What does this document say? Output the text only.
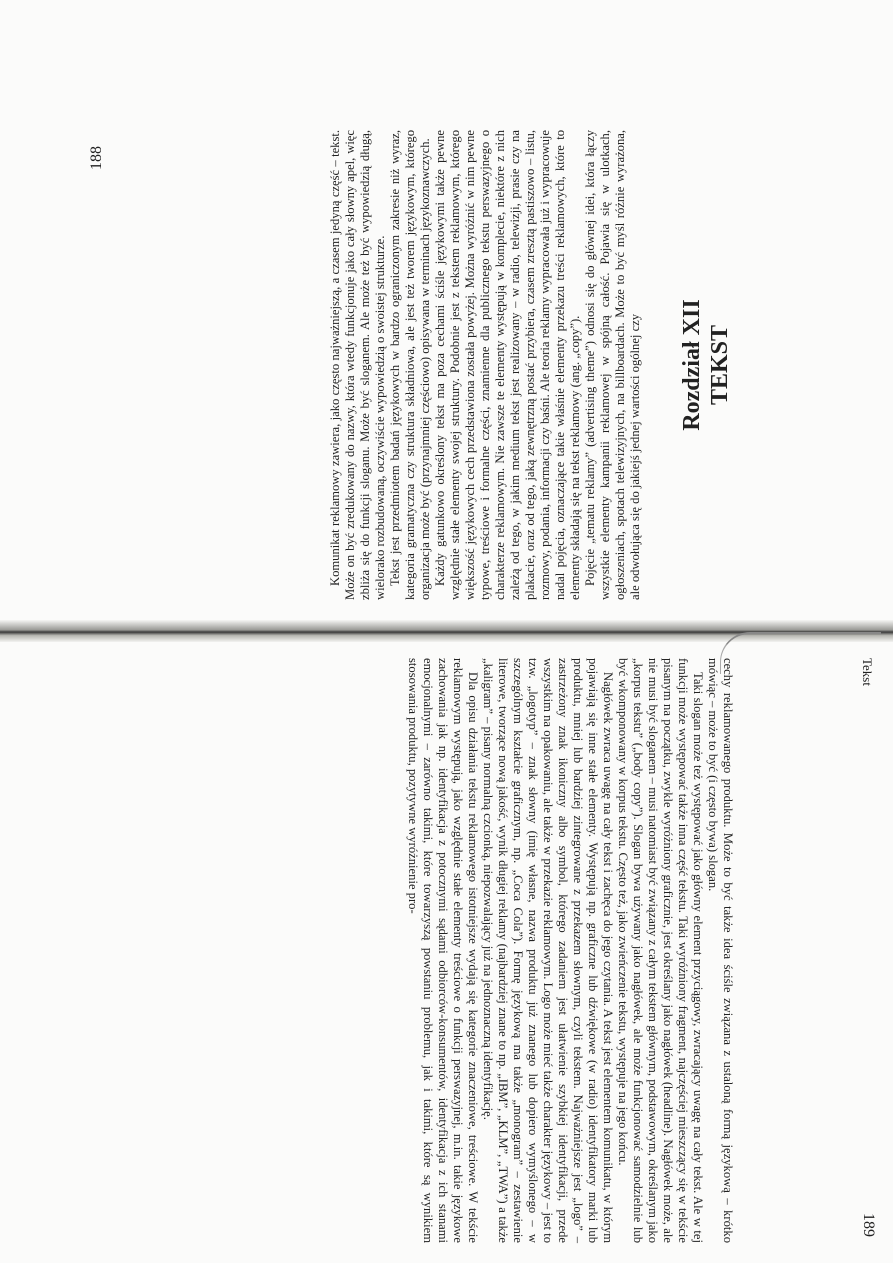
188
Rozdział XII TEKST

Komunikat reklamowy zawiera, jako często najważniejszą, a czasem jedyną część – tekst. Może on być zredukowany do nazwy, która wtedy funkcjonuje jako cały słowny apel, więc zbliża się do funkcji sloganu. Może być sloganem. Ale może też być wypowiedzią długą, wielorako rozbudowaną, oczywiście wypowiedzią o swoistej strukturze. Tekst jest przedmiotem badań językowych w bardzo ograniczonym zakresie niż wyraz, kategoria gramatyczna czy struktura składniowa, ale jest też tworem językowym, którego organizacja może być (przynajmniej częściowo) opisywana w terminach językoznawczych. Każdy gatunkowo określony tekst ma poza cechami ściśle językowymi także pewne względnie stałe elementy swojej struktury. Podobnie jest z tekstem reklamowym, którego większość językowych cech przedstawiona została powyżej. Można wyróżnić w nim pewne typowe, treściowe i formalne części, znamienne dla publicznego tekstu perswazyjnego o charakterze reklamowym. Nie zawsze te elementy występują w komplecie, niektóre z nich zależą od tego, w jakim medium tekst jest realizowany – w radio, telewizji, prasie czy na plakacie, oraz od tego, jaką zewnętrzną postać przybiera, czasem zresztą pastiszowo – listu, rozmowy, podania, informacji czy baśni. Ale teoria reklamy wypracowała już i wypracowuje nadal pojęcia, oznaczające takie właśnie elementy przekazu treści reklamowych, które to elementy składają się na tekst reklamowy (ang. „copy”). Pojęcie „tematu reklamy” (advertising theme”) odnosi się do głównej idei, która łączy wszystkie elementy kampanii reklamowej w spójną całość. Pojawia się w ulotkach, ogłoszeniach, spotach telewizyjnych, na billboardach. Może to być myśl różnie wyrażona, ale odwołująca się do jakiejś jednej wartości ogólnej czy

Tekst
189

cechy reklamowanego produktu. Może to być także idea ściśle związana z ustaloną formą językową – krótko mówiąc – może to być (i często bywa) slogan.

Taki slogan może też występować jako główny element przyciągowy, zwracający uwagę na cały tekst. Ale w tej funkcji może występować także inna część tekstu. Taki wyróżniony fragment, najczęściej mieszczący się w tekście pisanym na początku, zwykle wyróżniony graficznie, jest określany jako nagłówek (headline). Nagłówek może, ale nie musi być sloganem – musi natomiast być związany z całym tekstem głównym, podstawowym, określanym jako „korpus tekstu” („body copy”). Slogan bywa używany jako nagłówek, ale może funkcjonować samodzielnie lub być wkomponowany w korpus tekstu. Często też, jako zwieńczenie tekstu, występuje na jego końcu.

Nagłówek zwraca uwagę na cały tekst i zachęca do jego czytania. A tekst jest elementem komunikatu, w którym pojawiają się inne stałe elementy. Występują np. graficzne lub dźwiękowe (w radio) identyfikatory marki lub produktu, mniej lub bardziej zintegrowane z przekazem słownym, czyli tekstem. Najważniejsze jest „logo” – zastrzeżony znak ikoniczny albo symbol, którego zadaniem jest ułatwienie szybkiej identyfikacji, przede wszystkim na opakowaniu, ale także w przekazie reklamowym. Logo może mieć także charakter językowy – jest to tzw. „logotyp” – znak słowny (imię własne, nazwa produktu już znanego lub dopiero wymyślonego – w szczególnym kształcie graficznym, np. „Coca Cola”). Formę językową ma także „monogram” – zestawienie literowe, tworzące nową jakość, wynik długiej reklamy (najbardziej znane to np. „IBM”, „KLM”, „TWA”) a także „kaligram” – pisany normalną czcionką, niepozwalający już na jednoznaczną identyfikację.

Dla opisu działania tekstu reklamowego istotniejsze wydają się kategorie znaczeniowe, treściowe. W tekście reklamowym występują, jako względnie stałe elementy treściowe o funkcji perswazyjnej, m.in. takie językowe zachowania jak np. identyfikacja z potocznymi sądami odbiorców-konsumentów, identyfikacja z ich stanami emocjonalnymi – zarówno takimi, które towarzyszą powstaniu problemu, jak i takimi, które są wynikiem stosowania produktu, pozytywne wyróżnienie pro-
